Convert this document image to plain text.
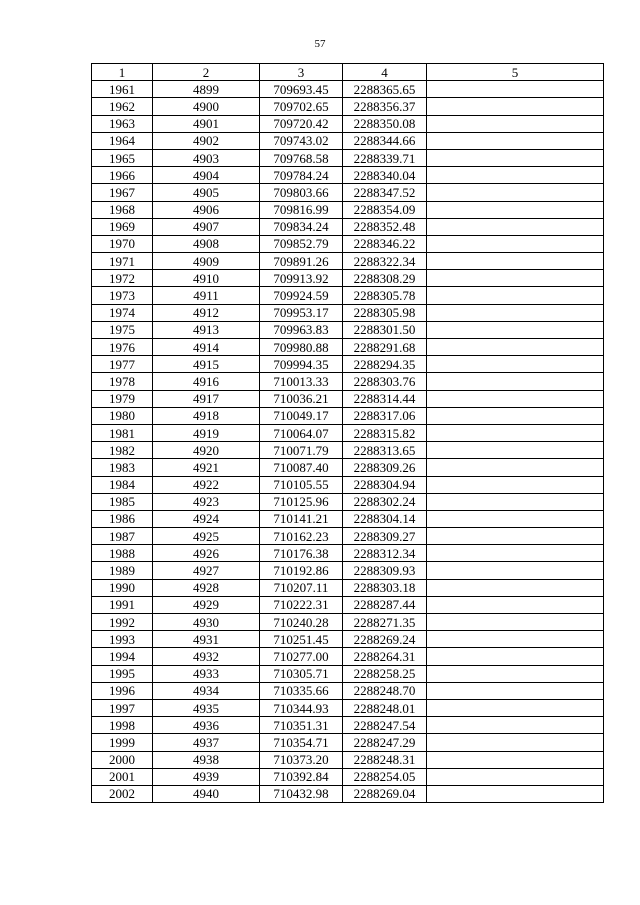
57
1	2	3	4	5
1961	4899	709693.45	2288365.65	
1962	4900	709702.65	2288356.37	
1963	4901	709720.42	2288350.08	
1964	4902	709743.02	2288344.66	
1965	4903	709768.58	2288339.71	
1966	4904	709784.24	2288340.04	
1967	4905	709803.66	2288347.52	
1968	4906	709816.99	2288354.09	
1969	4907	709834.24	2288352.48	
1970	4908	709852.79	2288346.22	
1971	4909	709891.26	2288322.34	
1972	4910	709913.92	2288308.29	
1973	4911	709924.59	2288305.78	
1974	4912	709953.17	2288305.98	
1975	4913	709963.83	2288301.50	
1976	4914	709980.88	2288291.68	
1977	4915	709994.35	2288294.35	
1978	4916	710013.33	2288303.76	
1979	4917	710036.21	2288314.44	
1980	4918	710049.17	2288317.06	
1981	4919	710064.07	2288315.82	
1982	4920	710071.79	2288313.65	
1983	4921	710087.40	2288309.26	
1984	4922	710105.55	2288304.94	
1985	4923	710125.96	2288302.24	
1986	4924	710141.21	2288304.14	
1987	4925	710162.23	2288309.27	
1988	4926	710176.38	2288312.34	
1989	4927	710192.86	2288309.93	
1990	4928	710207.11	2288303.18	
1991	4929	710222.31	2288287.44	
1992	4930	710240.28	2288271.35	
1993	4931	710251.45	2288269.24	
1994	4932	710277.00	2288264.31	
1995	4933	710305.71	2288258.25	
1996	4934	710335.66	2288248.70	
1997	4935	710344.93	2288248.01	
1998	4936	710351.31	2288247.54	
1999	4937	710354.71	2288247.29	
2000	4938	710373.20	2288248.31	
2001	4939	710392.84	2288254.05	
2002	4940	710432.98	2288269.04	
